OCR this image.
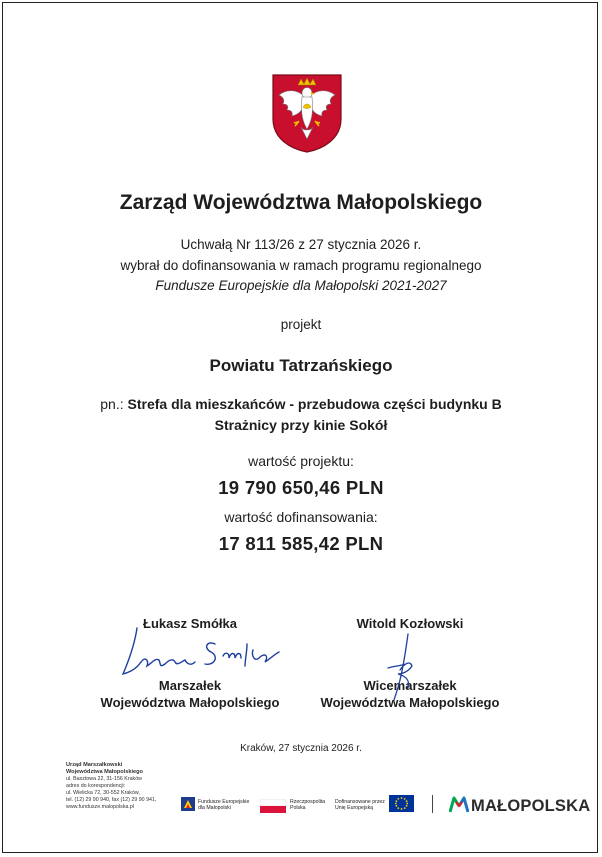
Zarząd Województwa Małopolskiego
Uchwałą Nr 113/26 z 27 stycznia 2026 r.
wybrał do dofinansowania w ramach programu regionalnego
Fundusze Europejskie dla Małopolski 2021-2027
projekt
Powiatu Tatrzańskiego
pn.: Strefa dla mieszkańców - przebudowa części budynku B
Strażnicy przy kinie Sokół
wartość projektu:
19 790 650,46 PLN
wartość dofinansowania:
17 811 585,42 PLN
Łukasz Smółka
Marszałek
Województwa Małopolskiego
Witold Kozłowski
Wicemarszałek
Województwa Małopolskiego
Kraków, 27 stycznia 2026 r.
Urząd Marszałkowski
Województwa Małopolskiego
ul. Basztowa 22, 31-156 Kraków
adres do korespondencji:
ul. Wielicka 72, 30-552 Kraków,
tel. (12) 29 90 940, fax (12) 29 90 941,
www.fundusze.malopolska.pl
Fundusze Europejskie
dla Małopolski
Rzeczpospolita
Polska
Dofinansowane przez
Unię Europejską	MAŁOPOLSKA
